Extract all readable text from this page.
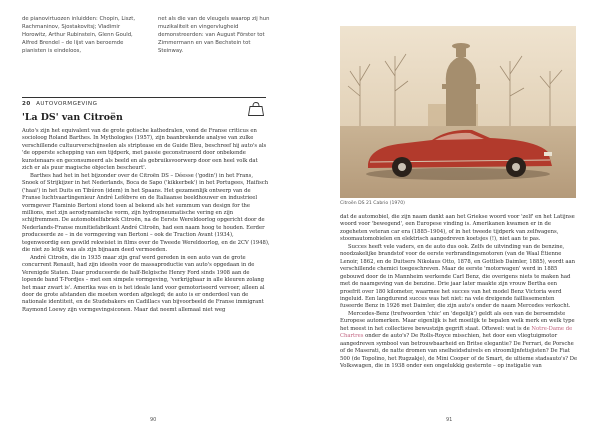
de pianovirtuozen inluidden: Chopin, Liszt, Rachmaninov, Sjostakovitsj; Vladimir Horowitz, Arthur Rubinstein, Glenn Gould, Alfred Brendel – de lijst van beroemde pianisten is eindeloos,

net als die van de vleugels waarop zij hun muzikaliteit en vingervlugheid demonstreerden: van August Förster tot Zimmermann en van Bechstein tot Steinway.

20 AUTOVORMGEVING
'La DS' van Citroën

Auto's zijn het equivalent van de grote gotische kathedralen, vond de Franse criticus en socioloog Roland Barthes. In Mythologies (1957), zijn baanbrekende analyse van zulke verschillende cultuurverschijnselen als striptease en de Guide Bleu, beschreef hij auto's als 'de opperste schepping van een tijdperk, met passie geconstrueerd door onbekende kunstenaars en geconsumeerd als beeld en als gebruiksvoorwerp door een heel volk dat zich er als puur magische objecten bescheurt'.

Barthes had het in het bijzonder over de Citroën DS – Déesse ('godin') in het Frans, Snoek of Strijkijzer in het Nederlands, Boca de Sapo ('kikkerbek') in het Portugees, Haifisch ('haai') in het Duits en Tibúron (idem) in het Spaans. Het gezamenlijk ontwerp van de Franse luchtvaartingenieur André Lefèbvre en de Italiaanse beeldhouwer en industrieel vormgever Flaminio Bertoni stond toen al bekend als het summum van design for the millions, met zijn aerodynamische vorm, zijn hydropneumatische vering en zijn schijfremmen. De automobielfabriek Citroën, na de Eerste Wereldoorlog opgericht door de Nederlands-Franse munitiefabrikant André Citroën, had een naam hoog te houden. Eerder produceerde ze – in de vormgeving van Bertoni – ook de Traction Avant (1934), tegenwoordig een gewild rekwisiet in films over de Tweede Wereldoorlog, en de 2CV (1948), die niet zo lelijk was als zijn bijnaam deed vermoeden.

André Citroën, die in 1935 maar zijn graf werd gereden in een auto van de grote concurrent Renault, had zijn ideeën voor de massaproductie van auto's opgedaan in de Verenigde Staten. Daar produceerde de half-Belgische Henry Ford sinds 1908 aan de lopende band T-Fordjes – met een simpele vormgeving, 'verkrijgbaar in alle kleuren zolang het maar zwart is'. Amerika was en is het ideale land voor gemotoriseerd vervoer, alleen al door de grote afstanden die moeten worden afgelegd; de auto is er onderdeel van de nationale identiteit, en de Studebakers en Cadillacs van bijvoorbeeld de Franse immigrant Raymond Loewy zijn vormgevingsiconen. Maar dat neemt allemaal niet weg

90
Citroën DS 21 Cabrio (1970)

dat de automobiel, die zijn naam dankt aan het Griekse woord voor 'zelf' en het Latijnse woord voor 'bewegend', een Europese vinding is. Amerikanen kwamen er in de zogeheten veteran car era (1885–1904), of in het tweede tijdperk van zelfwagens, stoomautomobielen en elektrisch aangedreven koetsjes (!), niet aan te pas.

Succes heeft vele vaders, en de auto dus ook. Zelfs de uitvinding van de benzine, noodzakelijke brandstof voor de eerste verbrandingsmotoren (van de Waal Étienne Lenoir, 1862, en de Duitsers Nikolaus Otto, 1878, en Gottlieb Daimler, 1885), wordt aan verschillende chemici toegeschreven. Maar de eerste 'motorwagen' werd in 1885 gebouwd door de in Mannheim werkende Carl Benz, die overigens niets te maken had met de naamgeving van de benzine. Drie jaar later maakte zijn vrouw Bertha een proefrit over 180 kilometer, waarmee het succes van het model Benz Victoria werd ingeluid. Een langdurend succes was het niet: na vele dreigende faillissementen fuseerde Benz in 1926 met Daimler, die zijn auto's onder de naam Mercedes verkocht.

Mercedes-Benz (trefwoorden 'chic' en 'degelijk') geldt als een van de beroemdste Europese automerken. Maar eigenlijk is het moeilijk te bepalen welk merk en welk type het meest in het collectieve bewustzijn gegrift staat. Oftewel: wat is de Notre-Dame de Chartres onder de auto's? De Rolls-Royce misschien, het door een vliegtuigmotor aangedreven symbool van betrouwbaarheid en Britse elegantie? De Ferrari, de Porsche of de Maserati, de natte dromen van snelheidsduivels en stroomlijnfetisjisten? De Fiat 500 (de Topolino, het Rugzakje), de Mini Cooper of de Smart, de ultieme stadsauto's? De Volkswagen, die in 1938 onder een ongelukkig gesternte – op instigatie van

91
